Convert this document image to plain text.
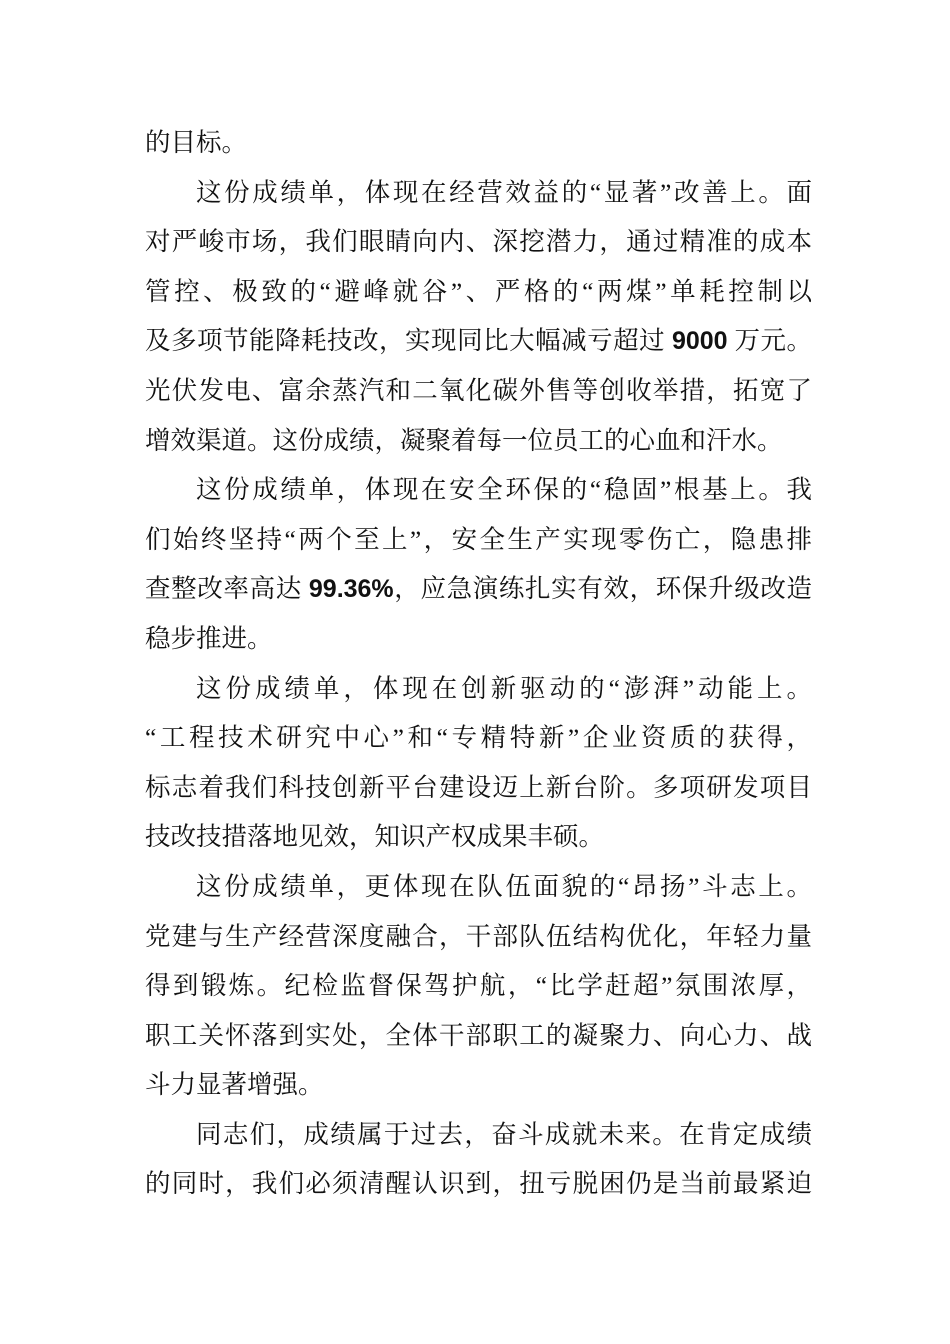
的目标。
这份成绩单，体现在经营效益的“显著”改善上。面
对严峻市场，我们眼睛向内、深挖潜力，通过精准的成本
管控、极致的“避峰就谷”、严格的“两煤”单耗控制以
及多项节能降耗技改，实现同比大幅减亏超过 9000 万元。
光伏发电、富余蒸汽和二氧化碳外售等创收举措，拓宽了
增效渠道。这份成绩，凝聚着每一位员工的心血和汗水。
这份成绩单，体现在安全环保的“稳固”根基上。我
们始终坚持“两个至上”，安全生产实现零伤亡，隐患排
查整改率高达 99.36%，应急演练扎实有效，环保升级改造
稳步推进。
这份成绩单，体现在创新驱动的“澎湃”动能上。
“工程技术研究中心”和“专精特新”企业资质的获得，
标志着我们科技创新平台建设迈上新台阶。多项研发项目
技改技措落地见效，知识产权成果丰硕。
这份成绩单，更体现在队伍面貌的“昂扬”斗志上。
党建与生产经营深度融合，干部队伍结构优化，年轻力量
得到锻炼。纪检监督保驾护航，“比学赶超”氛围浓厚，
职工关怀落到实处，全体干部职工的凝聚力、向心力、战
斗力显著增强。
同志们，成绩属于过去，奋斗成就未来。在肯定成绩
的同时，我们必须清醒认识到，扭亏脱困仍是当前最紧迫
